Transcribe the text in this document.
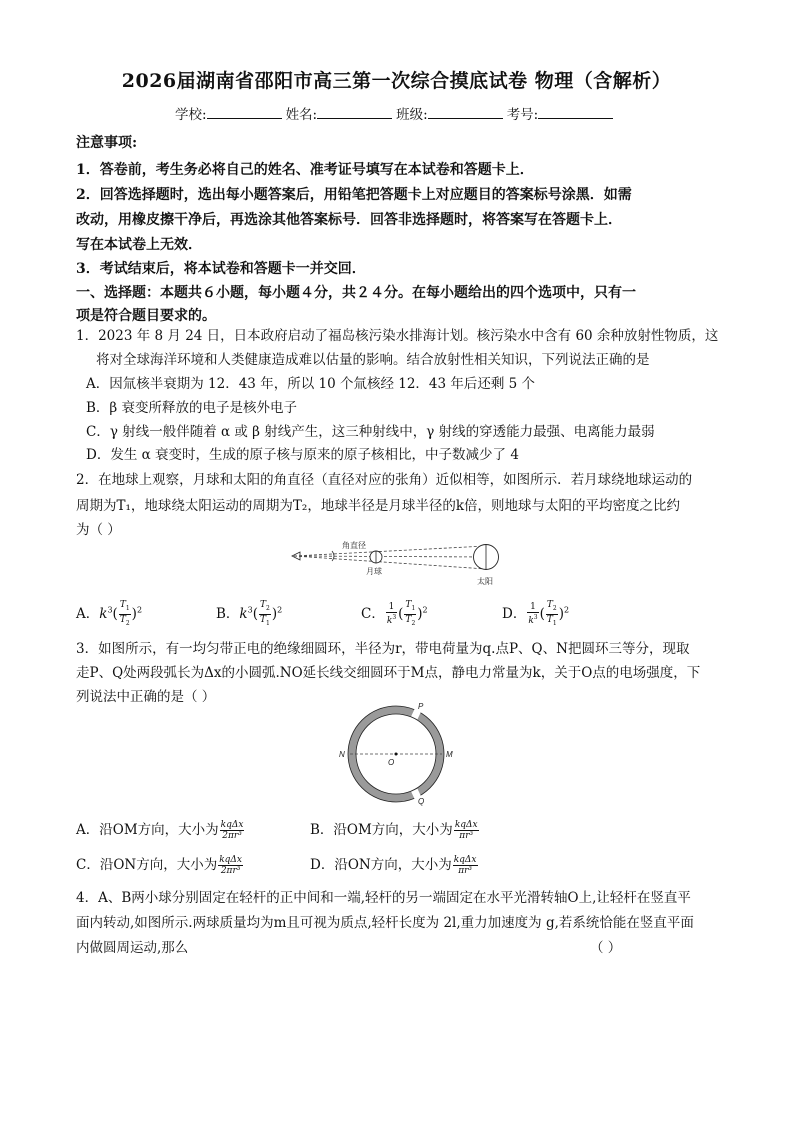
2026届湖南省邵阳市高三第一次综合摸底试卷 物理（含解析）
学校:	姓名:	班级:	考号:
注意事项:
1．答卷前，考生务必将自己的姓名、准考证号填写在本试卷和答题卡上．
2．回答选择题时，选出每小题答案后，用铅笔把答题卡上对应题目的答案标号涂黑．如需
改动，用橡皮擦干净后，再选涂其他答案标号．回答非选择题时，将答案写在答题卡上．
写在本试卷上无效．
3．考试结束后，将本试卷和答题卡一并交回．
一、选择题：本题共６小题，每小题４分，共２４分。在每小题给出的四个选项中，只有一
项是符合题目要求的。
1．2023 年 8 月 24 日，日本政府启动了福岛核污染水排海计划。核污染水中含有 60 余种放射性物质，这
将对全球海洋环境和人类健康造成难以估量的影响。结合放射性相关知识，下列说法正确的是
A．因氚核半衰期为 12．43 年，所以 10 个氚核经 12．43 年后还剩 5 个
B．β 衰变所释放的电子是核外电子
C．γ 射线一般伴随着 α 或 β 射线产生，这三种射线中，γ 射线的穿透能力最强、电离能力最弱
D．发生 α 衰变时，生成的原子核与原来的原子核相比，中子数减少了 4
2．在地球上观察，月球和太阳的角直径（直径对应的张角）近似相等，如图所示．若月球绕地球运动的
周期为T₁，地球绕太阳运动的周期为T₂，地球半径是月球半径的k倍，则地球与太阳的平均密度之比约
为（ ）
角直径
月球
太阳
A．$k^3( \frac{T_1}{T_2} )^2$	B．$k^3( \frac{T_2}{T_1} )^2$	C． $\frac{1}{k^3}$ ( $\frac{T_1}{T_2} )^2$	D． $\frac{1}{k^3}$ ( $\frac{T_2}{T_1} )^2$
3．如图所示，有一均匀带正电的绝缘细圆环，半径为r，带电荷量为q.点P、Q、N把圆环三等分，现取
走P、Q处两段弧长为Δx的小圆弧.NO延长线交细圆环于M点，静电力常量为k，关于O点的电场强度，下
列说法中正确的是（ ）
P
Q
N	M
O
A．沿OM方向，大小为 $\frac{\text{kqΔx}}{\text{2πr³}}$	B．沿OM方向，大小为 $\frac{\text{kqΔx}}{\text{πr³}}$
C．沿ON方向，大小为 $\frac{\text{kqΔx}}{\text{2πr³}}$	D．沿ON方向，大小为 $\frac{\text{kqΔx}}{\text{πr³}}$
4．A、B两小球分别固定在轻杆的正中间和一端,轻杆的另一端固定在水平光滑转轴O上,让轻杆在竖直平
面内转动,如图所示.两球质量均为m且可视为质点,轻杆长度为 2l,重力加速度为 g,若系统恰能在竖直平面
内做圆周运动,那么	（ ）
